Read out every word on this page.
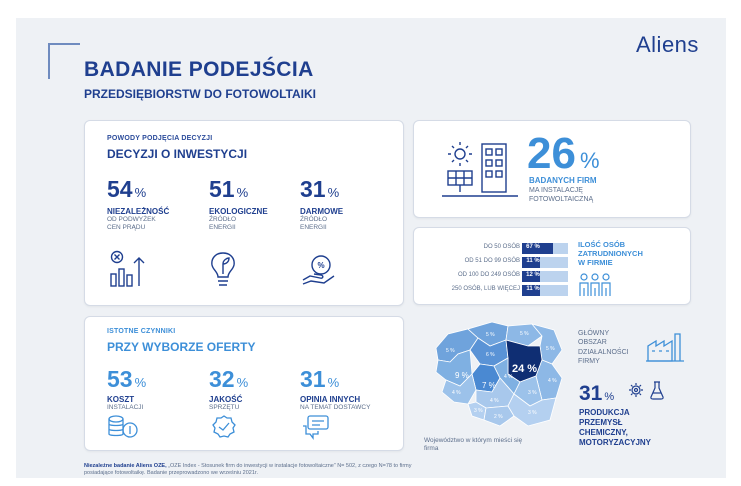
Aliens
BADANIE PODEJŚCIA
PRZEDSIĘBIORSTW DO FOTOWOLTAIKI
POWODY PODJĘCIA DECYZJI
DECYZJI O INWESTYCJI
54 %
NIEZALEŻNOŚĆ
OD PODWYŻEK
CEN PRĄDU
51 %
EKOLOGICZNE
ŹRÓDŁO
ENERGII
31 %
DARMOWE
ŹRÓDŁO
ENERGII
%
ISTOTNE CZYNNIKI
PRZY WYBORZE OFERTY
53 %
KOSZT
INSTALACJI
32 %
JAKOŚĆ
SPRZĘTU
31 %
OPINIA INNYCH
NA TEMAT DOSTAWCY
26 %
BADANYCH FIRM
MA INSTALACJĘ
FOTOWOLTAICZNĄ
DO 50 OSÓB	67 %
OD 51 DO 99 OSÓB	11 %
OD 100 DO 249 OSÓB	12 %
250 OSÓB, LUB WIĘCEJ	11 %
ILOŚĆ OSÓB
ZATRUDNIONYCH
W FIRMIE
24 %
9 %
7 %
5 %
5 %	5 %
5 %
6 %
4 %
4 %
4 %
4 %
3 %
3 %
2 %
3 %
Województwo w którym mieści się firma
GŁÓWNY
OBSZAR
DZIAŁALNOŚCI
FIRMY
31 %
PRODUKCJA
PRZEMYSŁ
CHEMICZNY,
MOTORYZACYJNY
Niezależne badanie Aliens OZE, „OZE Index - Stosunek firm do inwestycji w instalacje fotowoltaiczne” N= 502, z czego N=78 to firmy posiadające fotowoltaikę. Badanie przeprowadzono we wrześniu 2021r.
